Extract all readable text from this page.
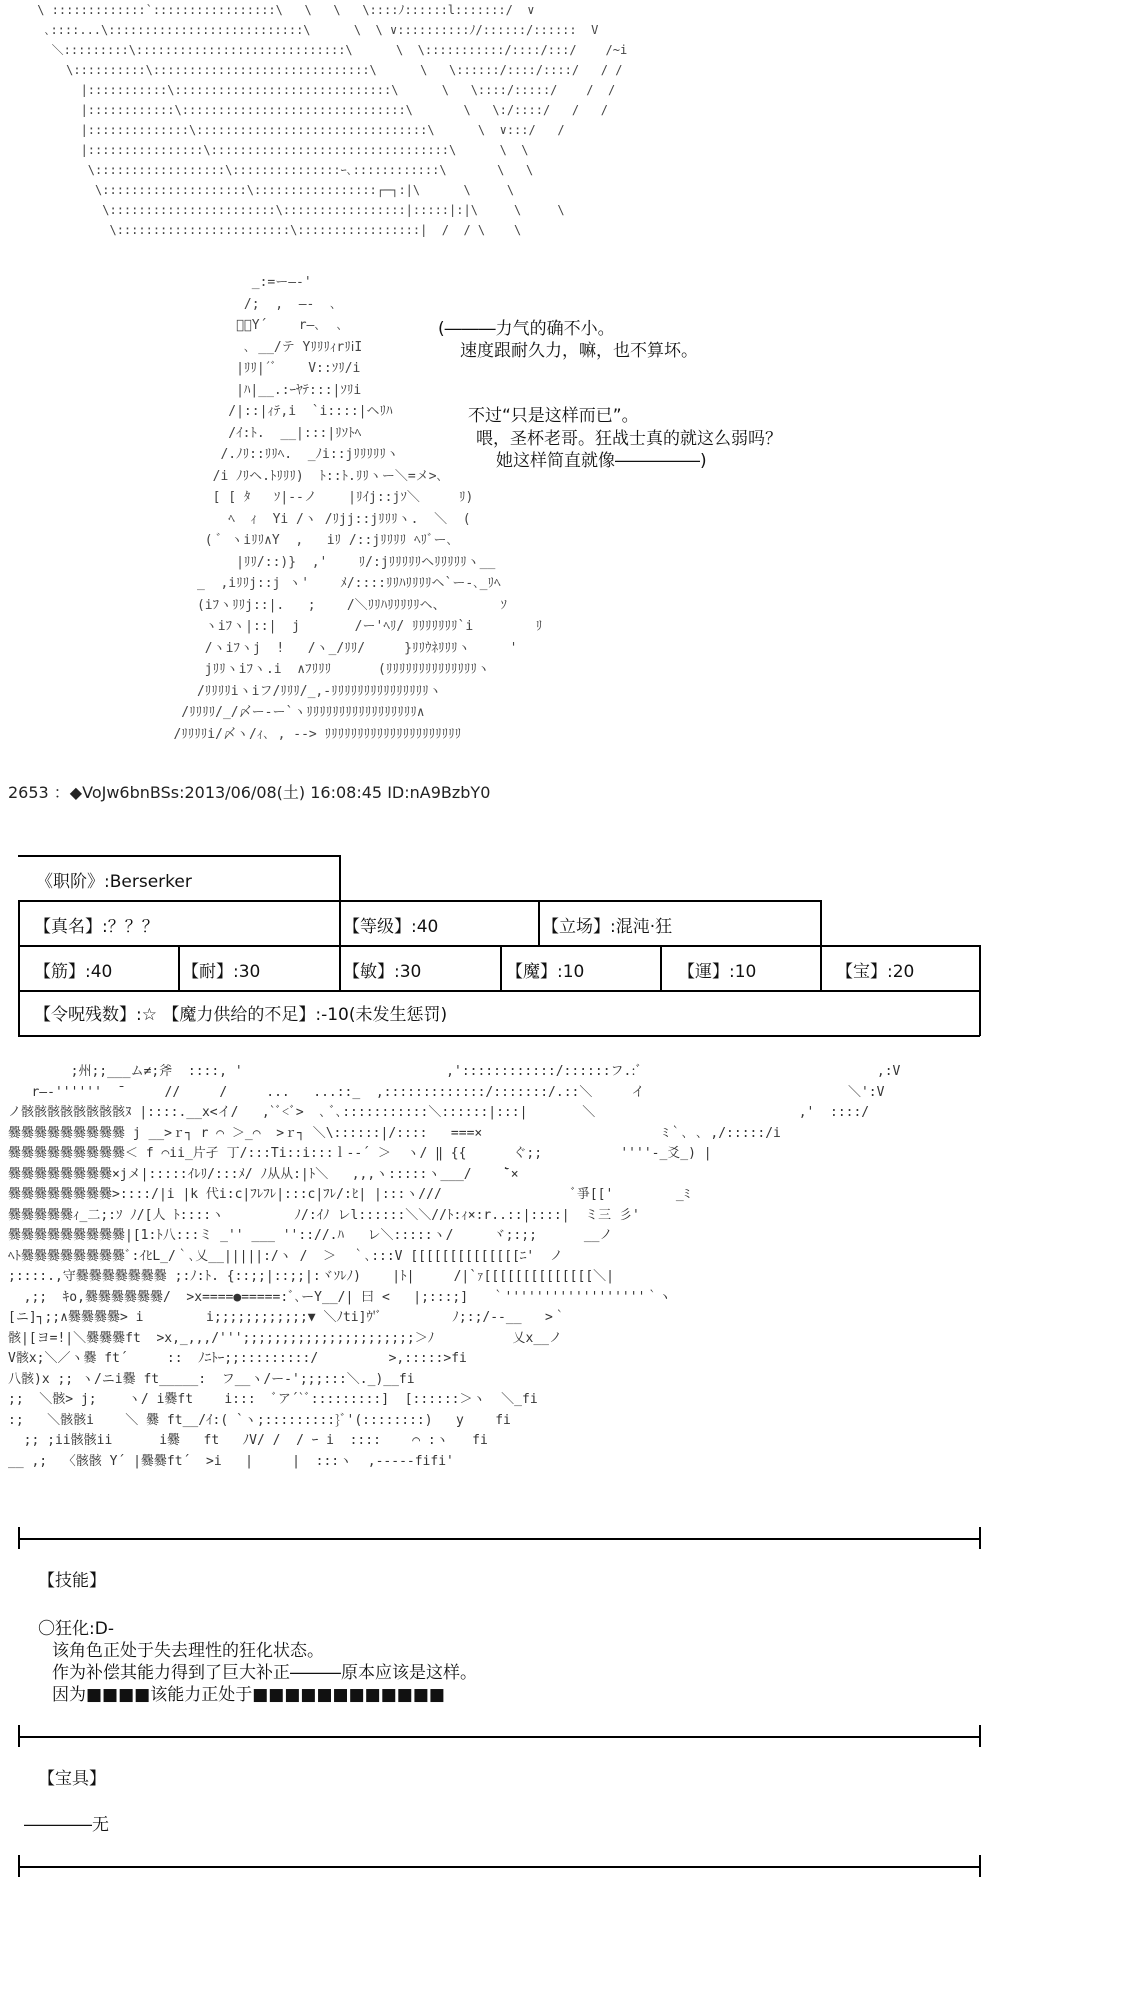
\ :::::::::::::`:::::::::::::::::\   \   \   \::::ﾉ::::::l:::::::/  ∨
､::::...\:::::::::::::::::::::::::::\      \  \ ∨::::::::::ﾉ/::::::/::::::  V
＼:::::::::\:::::::::::::::::::::::::::::\      \  \:::::::::::/::::/:::/    /~i
\::::::::::\::::::::::::::::::::::::::::::\      \   \::::::/::::/::::/   / /
|:::::::::::\::::::::::::::::::::::::::::::\      \   \::::/:::::/    /  /
|::::::::::::\:::::::::::::::::::::::::::::::\       \   \:/::::/   /   /
|::::::::::::::\::::::::::::::::::::::::::::::::\      \  ∨:::/   /
|::::::::::::::::\:::::::::::::::::::::::::::::::::\      \  \
\::::::::::::::::::\:::::::::::::::ｰ､::::::::::::\       \   \
\::::::::::::::::::::\:::::::::::::::::┌─┐:|\      \     \
\:::::::::::::::::::::::\:::::::::::::::::|:::::|:|\     \     \
\::::::::::::::::::::::::\:::::::::::::::::|  /  / \    \
_:=ー―‐'
/;  ,  ―-  ､
ﾞ､Y´    r―､  ､
､ __/テ YﾘﾘﾘｨrﾘⅰI
|ﾘﾘ|´ﾞ    V::ｿﾘ/i
|ﾊ|__.:ｰﾔﾃ:::|ｿﾘi
/|::|ｨﾃ,i  `i::::|ヘﾘﾊ
/ｲ:ﾄ.  __|:::|ﾘｿﾄﾍ
/.ﾉﾘ::ﾘﾘﾍ.  _ﾉi::jﾘﾘﾘﾘﾘヽ
/i ﾉﾘヘ.ﾄﾘﾘﾘ)  ﾄ::ﾄ.ﾘﾘヽー＼=メ>､
[ [ ﾀ   ｿ|--ノ    |ﾘｲj::jｿ＼     ﾘ)
ﾍ  ｨ  Yi /ヽ /ﾘjj::jﾘﾘﾘヽ.  ＼  (
( ﾞ ヽiﾘﾘ∧Y  ,   iﾘ /::jﾘﾘﾘﾘ ﾍﾘﾞー､
|ﾘﾘ/::)}  ,'    ﾘ/:jﾘﾘﾘﾘﾘヘﾘﾘﾘﾘﾘヽ__
_  ,iﾘﾘj::j ヽ'    ﾒ/::::ﾘﾘﾊﾘﾘﾘﾘヘ`ー-､_ﾘﾍ
(iﾌヽﾘﾘj::|.   ;    /＼ﾘﾘﾊﾘﾘﾘﾘﾘヘ、       ｿ
ヽiﾌヽ|::|  j       /ー'ﾍﾘ/ ﾘﾘﾘﾘﾘﾘﾘ`i        ﾘ
/ヽiﾌヽj  !   /ヽ_/ﾘﾘ/     }ﾘﾘｳﾈﾘﾘﾘヽ     '
jﾘﾘヽiﾌヽ.i  ∧ﾌﾘﾘﾘ      (ﾘﾘﾘﾘﾘﾘﾘﾘﾘﾘﾘﾘﾘﾘヽ
/ﾘﾘﾘﾘiヽiフ/ﾘﾘﾘ/_,-ﾘﾘﾘﾘﾘﾘﾘﾘﾘﾘﾘﾘﾘﾘﾘヽ
/ﾘﾘﾘﾘ/_/〆ー-ー`ヽﾘﾘﾘﾘﾘﾘﾘﾘﾘﾘﾘﾘﾘﾘﾘﾘﾘ∧
/ﾘﾘﾘﾘi/〆ヽ/ｨ､ , --> ﾘﾘﾘﾘﾘﾘﾘﾘﾘﾘﾘﾘﾘﾘﾘﾘﾘﾘﾘﾘﾘ
(―――力气的确不小。
速度跟耐久力，嘛，也不算坏。
不过“只是这样而已”。
喂，圣杯老哥。狂战士真的就这么弱吗？
她这样简直就像―――――)
2653 ：◆VoJw6bnBSs:2013/06/08(土) 16:08:45 ID:nA9BzbY0
《职阶》:Berserker
【真名】:？？？	【等级】:40	【立场】:混沌·狂
【筋】:40	【耐】:30	【敏】:30	【魔】:10	【運】:10	【宝】:20
【令呪残数】:☆ 【魔力供给的不足】:-10(未发生惩罚)
;州;;___ム≠;斧  ::::, '                          ,'::::::::::::/::::::フ.:ﾞ                              ,:V
r―-''''''  ̄      //     /     ...   ...::_  ,:::::::::::::/:::::::/.::＼     イ                          ＼':V
ノ骸骸骸骸骸骸骸骸ﾇ |::::.__x<イ/   ,`ﾞ<ﾞ>  ､ ﾞ､:::::::::::＼::::::|:::|       ＼                          ,'  ::::/
爨爨爨爨爨爨爨爨爨 j __>ｒ┐ r ⌒ ＞_⌒  >ｒ┐ ＼\::::::|/::::   ===×                       ﾐ｀､ ､ ,/:::::/i
爨爨爨爨爨爨爨爨爨＜ f ⌒ii_片孑 丁/:::Ti::i:::ｌ--´ ＞  ヽ/ ‖ {{      ぐ;;          ''''-_爻_) |
爨爨爨爨爨爨爨爨×jメ|:::::ｲﾚﾘ/:::ﾒ/ ﾉ从从:|ﾄ＼   ,,,ヽ:::::ヽ___/    ̄`×
爨爨爨爨爨爨爨爨>::::/|i |k 代i:c|ﾌﾚﾌﾚ|:::c|ﾌﾚ/:ﾋ| |:::ヽ///                 ﾞ爭[['        _ﾐ
爨爨爨爨爨ｨ_二;:ｿ ﾉ/[人 ﾄ::::ヽ         ﾉ/:ｲﾉ レl::::::＼＼//ﾄ:ｨ×:r..::|::::|  ミ三 彡'
爨爨爨爨爨爨爨爨爨|[1:ﾄ八:::ミ _'' ___ '':://.ﾊ   レ＼:::::ヽ/     ヾ;:;;      __ノ
ﾍﾄ爨爨爨爨爨爨爨爨ﾞ:ｲﾋL_/｀､乂__|||||:/ヽ /  ＞  ｀､:::V [[[[[[[[[[[[[[ﾆ'  ノ
;::::.,守爨爨爨爨爨爨爨 ;:ﾉ:ﾄ. {::;;|::;;|:ヾｿﾚﾉ)    |ﾄ|     /|`ｧ[[[[[[[[[[[[[[＼|
,;;  ｷo,爨爨爨爨爨爨/  >x====●=====:ﾞ､ーY__/| 曰 <   |;:::;]   ｀''''''''''''''''''｀ヽ
[ニ]┐;;∧爨爨爨爨> i        i;;;;;;;;;;;;▼ ＼ﾉti]ｳ'ﾞ         ﾉ;:;/--__   >｀
骸|[ヨ=!|＼爨爨爨ft  >x,_,,,/''';;;;;;;;;;;;;;;;;;;;;;＞ﾉ          乂x__ノ
V骸x;＼／ヽ爨 ft´     ::  ﾉﾆﾄｰ;;:::::::::/         >,:::::>fi
八骸)x ;; ヽ/ニi爨 ft_____:  フ__ヽ/ー-';;;:::＼._)__fi
;;  ＼骸> j;    ヽ/ i爨ft    i:::  ﾞア´`ﾞ:::::::::]  [::::::＞ヽ  ＼_fi
:;   ＼骸骸i    ＼ 爨 ft__/ｲ:( `ヽ;:::::::::}ﾞ'(::::::::)   y    fi
;; ;ii骸骸ii      i爨   ft   ﾉV/ /  / ｰ i  ::::    ⌒ :ヽ   fi
__ ,;  〈骸骸 Y´ |爨爨ft´  >i   |     |  :::ヽ  ,-----fifi'
【技能】
〇狂化:D-
该角色正处于失去理性的狂化状态。
作为补偿其能力得到了巨大补正―――原本应该是这样。
因为■■■■该能力正处于■■■■■■■■■■■■
【宝具】
――――无
